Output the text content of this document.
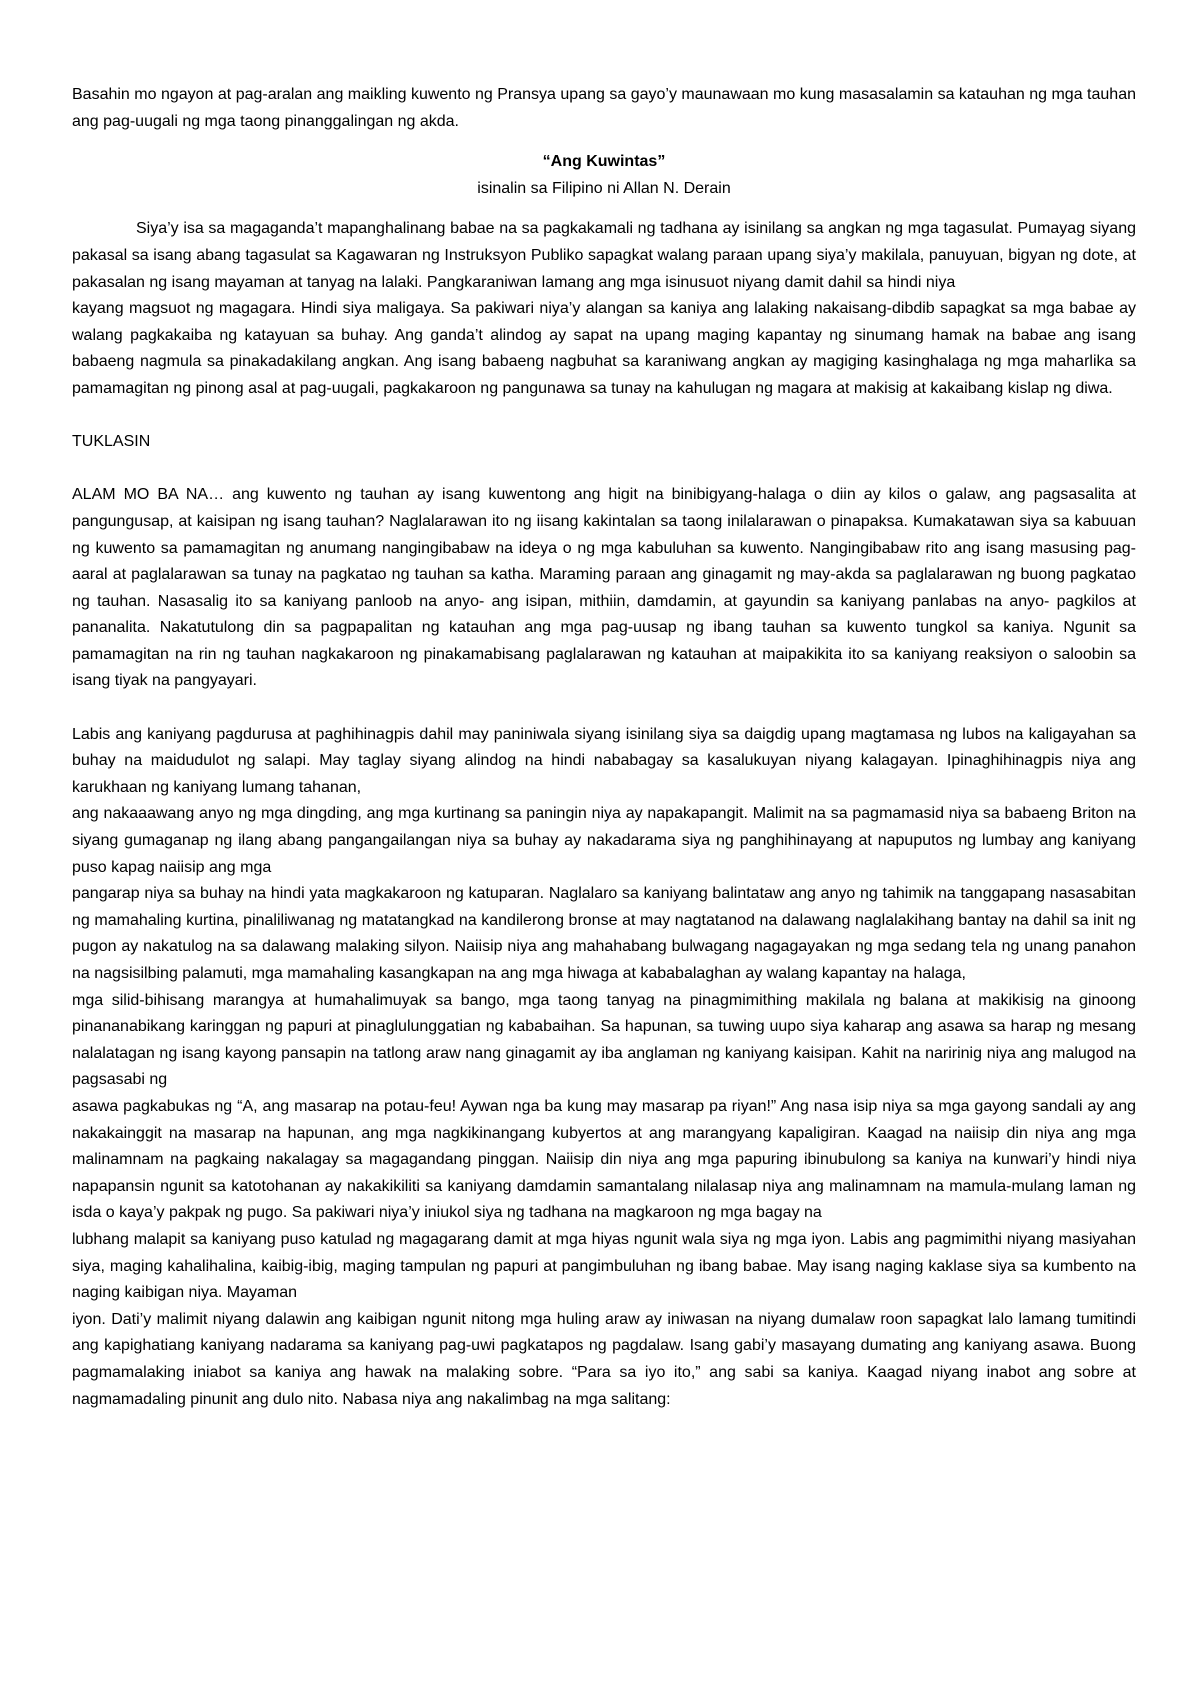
Basahin mo ngayon at pag-aralan ang maikling kuwento ng Pransya upang sa gayo’y maunawaan mo kung masasalamin sa katauhan ng mga tauhan ang pag-uugali ng mga taong pinanggalingan ng akda.

“Ang Kuwintas”
isinalin sa Filipino ni Allan N. Derain

Siya’y isa sa magaganda’t mapanghalinang babae na sa pagkakamali ng tadhana ay isinilang sa angkan ng mga tagasulat. Pumayag siyang pakasal sa isang abang tagasulat sa Kagawaran ng Instruksyon Publiko sapagkat walang paraan upang siya’y makilala, panuyuan, bigyan ng dote, at pakasalan ng isang mayaman at tanyag na lalaki. Pangkaraniwan lamang ang mga isinusuot niyang damit dahil sa hindi niya

kayang magsuot ng magagara. Hindi siya maligaya. Sa pakiwari niya’y alangan sa kaniya ang lalaking nakaisang-dibdib sapagkat sa mga babae ay walang pagkakaiba ng katayuan sa buhay. Ang ganda’t alindog ay sapat na upang maging kapantay ng sinumang hamak na babae ang isang babaeng nagmula sa pinakadakilang angkan. Ang isang babaeng nagbuhat sa karaniwang angkan ay magiging kasinghalaga ng mga maharlika sa pamamagitan ng pinong asal at pag-uugali, pagkakaroon ng pangunawa sa tunay na kahulugan ng magara at makisig at kakaibang kislap ng diwa.

TUKLASIN

ALAM MO BA NA… ang kuwento ng tauhan ay isang kuwentong ang higit na binibigyang-halaga o diin ay kilos o galaw, ang pagsasalita at pangungusap, at kaisipan ng isang tauhan? Naglalarawan ito ng iisang kakintalan sa taong inilalarawan o pinapaksa. Kumakatawan siya sa kabuuan ng kuwento sa pamamagitan ng anumang nangingibabaw na ideya o ng mga kabuluhan sa kuwento. Nangingibabaw rito ang isang masusing pag-aaral at paglalarawan sa tunay na pagkatao ng tauhan sa katha. Maraming paraan ang ginagamit ng may-akda sa paglalarawan ng buong pagkatao ng tauhan. Nasasalig ito sa kaniyang panloob na anyo- ang isipan, mithiin, damdamin, at gayundin sa kaniyang panlabas na anyo- pagkilos at pananalita. Nakatutulong din sa pagpapalitan ng katauhan ang mga pag-uusap ng ibang tauhan sa kuwento tungkol sa kaniya. Ngunit sa pamamagitan na rin ng tauhan nagkakaroon ng pinakamabisang paglalarawan ng katauhan at maipakikita ito sa kaniyang reaksiyon o saloobin sa isang tiyak na pangyayari.

Labis ang kaniyang pagdurusa at paghihinagpis dahil may paniniwala siyang isinilang siya sa daigdig upang magtamasa ng lubos na kaligayahan sa buhay na maidudulot ng salapi. May taglay siyang alindog na hindi nababagay sa kasalukuyan niyang kalagayan. Ipinaghihinagpis niya ang karukhaan ng kaniyang lumang tahanan,

ang nakaaawang anyo ng mga dingding, ang mga kurtinang sa paningin niya ay napakapangit. Malimit na sa pagmamasid niya sa babaeng Briton na siyang gumaganap ng ilang abang pangangailangan niya sa buhay ay nakadarama siya ng panghihinayang at napuputos ng lumbay ang kaniyang puso kapag naiisip ang mga

pangarap niya sa buhay na hindi yata magkakaroon ng katuparan. Naglalaro sa kaniyang balintataw ang anyo ng tahimik na tanggapang nasasabitan ng mamahaling kurtina, pinaliliwanag ng matatangkad na kandilerong bronse at may nagtatanod na dalawang naglalakihang bantay na dahil sa init ng pugon ay nakatulog na sa dalawang malaking silyon. Naiisip niya ang mahahabang bulwagang nagagayakan ng mga sedang tela ng unang panahon na nagsisilbing palamuti, mga mamahaling kasangkapan na ang mga hiwaga at kababalaghan ay walang kapantay na halaga,

mga silid-bihisang marangya at humahalimuyak sa bango, mga taong tanyag na pinagmimithing makilala ng balana at makikisig na ginoong pinananabikang karinggan ng papuri at pinaglulunggatian ng kababaihan. Sa hapunan, sa tuwing uupo siya kaharap ang asawa sa harap ng mesang nalalatagan ng isang kayong pansapin na tatlong araw nang ginagamit ay iba anglaman ng kaniyang kaisipan. Kahit na naririnig niya ang malugod na pagsasabi ng

asawa pagkabukas ng “A, ang masarap na potau-feu! Aywan nga ba kung may masarap pa riyan!” Ang nasa isip niya sa mga gayong sandali ay ang nakakainggit na masarap na hapunan, ang mga nagkikinangang kubyertos at ang marangyang kapaligiran. Kaagad na naiisip din niya ang mga malinamnam na pagkaing nakalagay sa magagandang pinggan. Naiisip din niya ang mga papuring ibinubulong sa kaniya na kunwari’y hindi niya napapansin ngunit sa katotohanan ay nakakikiliti sa kaniyang damdamin samantalang nilalasap niya ang malinamnam na mamula-mulang laman ng isda o kaya’y pakpak ng pugo. Sa pakiwari niya’y iniukol siya ng tadhana na magkaroon ng mga bagay na

lubhang malapit sa kaniyang puso katulad ng magagarang damit at mga hiyas ngunit wala siya ng mga iyon. Labis ang pagmimithi niyang masiyahan siya, maging kahalihalina, kaibig-ibig, maging tampulan ng papuri at pangimbuluhan ng ibang babae. May isang naging kaklase siya sa kumbento na naging kaibigan niya. Mayaman

iyon. Dati’y malimit niyang dalawin ang kaibigan ngunit nitong mga huling araw ay iniwasan na niyang dumalaw roon sapagkat lalo lamang tumitindi ang kapighatiang kaniyang nadarama sa kaniyang pag-uwi pagkatapos ng pagdalaw. Isang gabi’y masayang dumating ang kaniyang asawa. Buong pagmamalaking iniabot sa kaniya ang hawak na malaking sobre. “Para sa iyo ito,” ang sabi sa kaniya. Kaagad niyang inabot ang sobre at nagmamadaling pinunit ang dulo nito. Nabasa niya ang nakalimbag na mga salitang:
